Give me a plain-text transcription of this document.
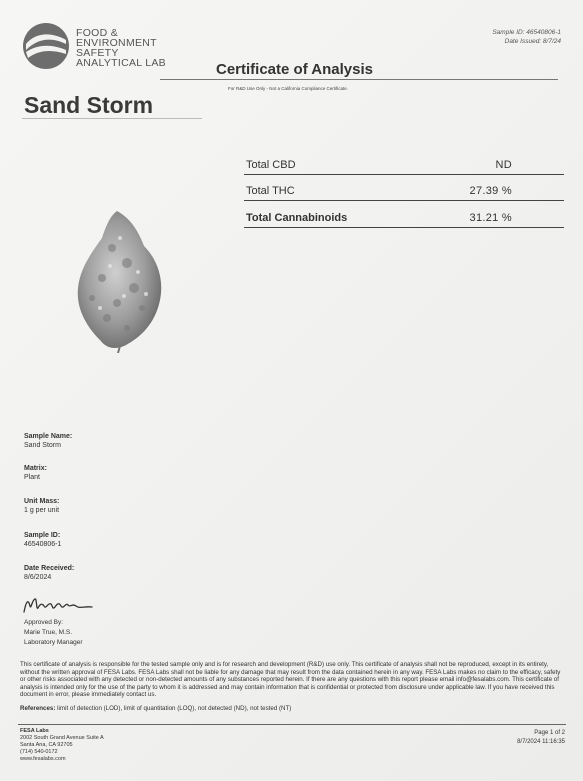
FOOD &
ENVIRONMENT
SAFETY
ANALYTICAL LAB
Sample ID: 46540806-1
Date Issued: 8/7/24
Certificate of Analysis
For R&D Use Only - Not a California Compliance Certificate.
Sand Storm
Total CBD	ND
Total THC	27.39 %
Total Cannabinoids	31.21 %
Sample Name:
Sand Storm
Matrix:
Plant
Unit Mass:
1 g per unit
Sample ID:
46540806-1
Date Received:
8/6/2024
Approved By:
Marie True, M.S.
Laboratory Manager
This certificate of analysis is responsible for the tested sample only and is for research and development (R&D) use only. This certificate of analysis shall not be reproduced, except in its entirety, without the written approval of FESA Labs. FESA Labs shall not be liable for any damage that may result from the data contained herein in any way. FESA Labs makes no claim to the efficacy, safety or other risks associated with any detected or non-detected amounts of any substances reported herein. If there are any questions with this report please email info@fesalabs.com. This certificate of analysis is intended only for the use of the party to whom it is addressed and may contain information that is confidential or protected from disclosure under applicable law. If you have received this document in error, please immediately contact us.
References: limit of detection (LOD), limit of quantitation (LOQ), not detected (ND), not tested (NT)
FESA Labs
2002 South Grand Avenue Suite A
Santa Ana, CA 92705
(714) 540-0172
www.fesalabs.com
Page 1 of 2
8/7/2024 11:16:35
